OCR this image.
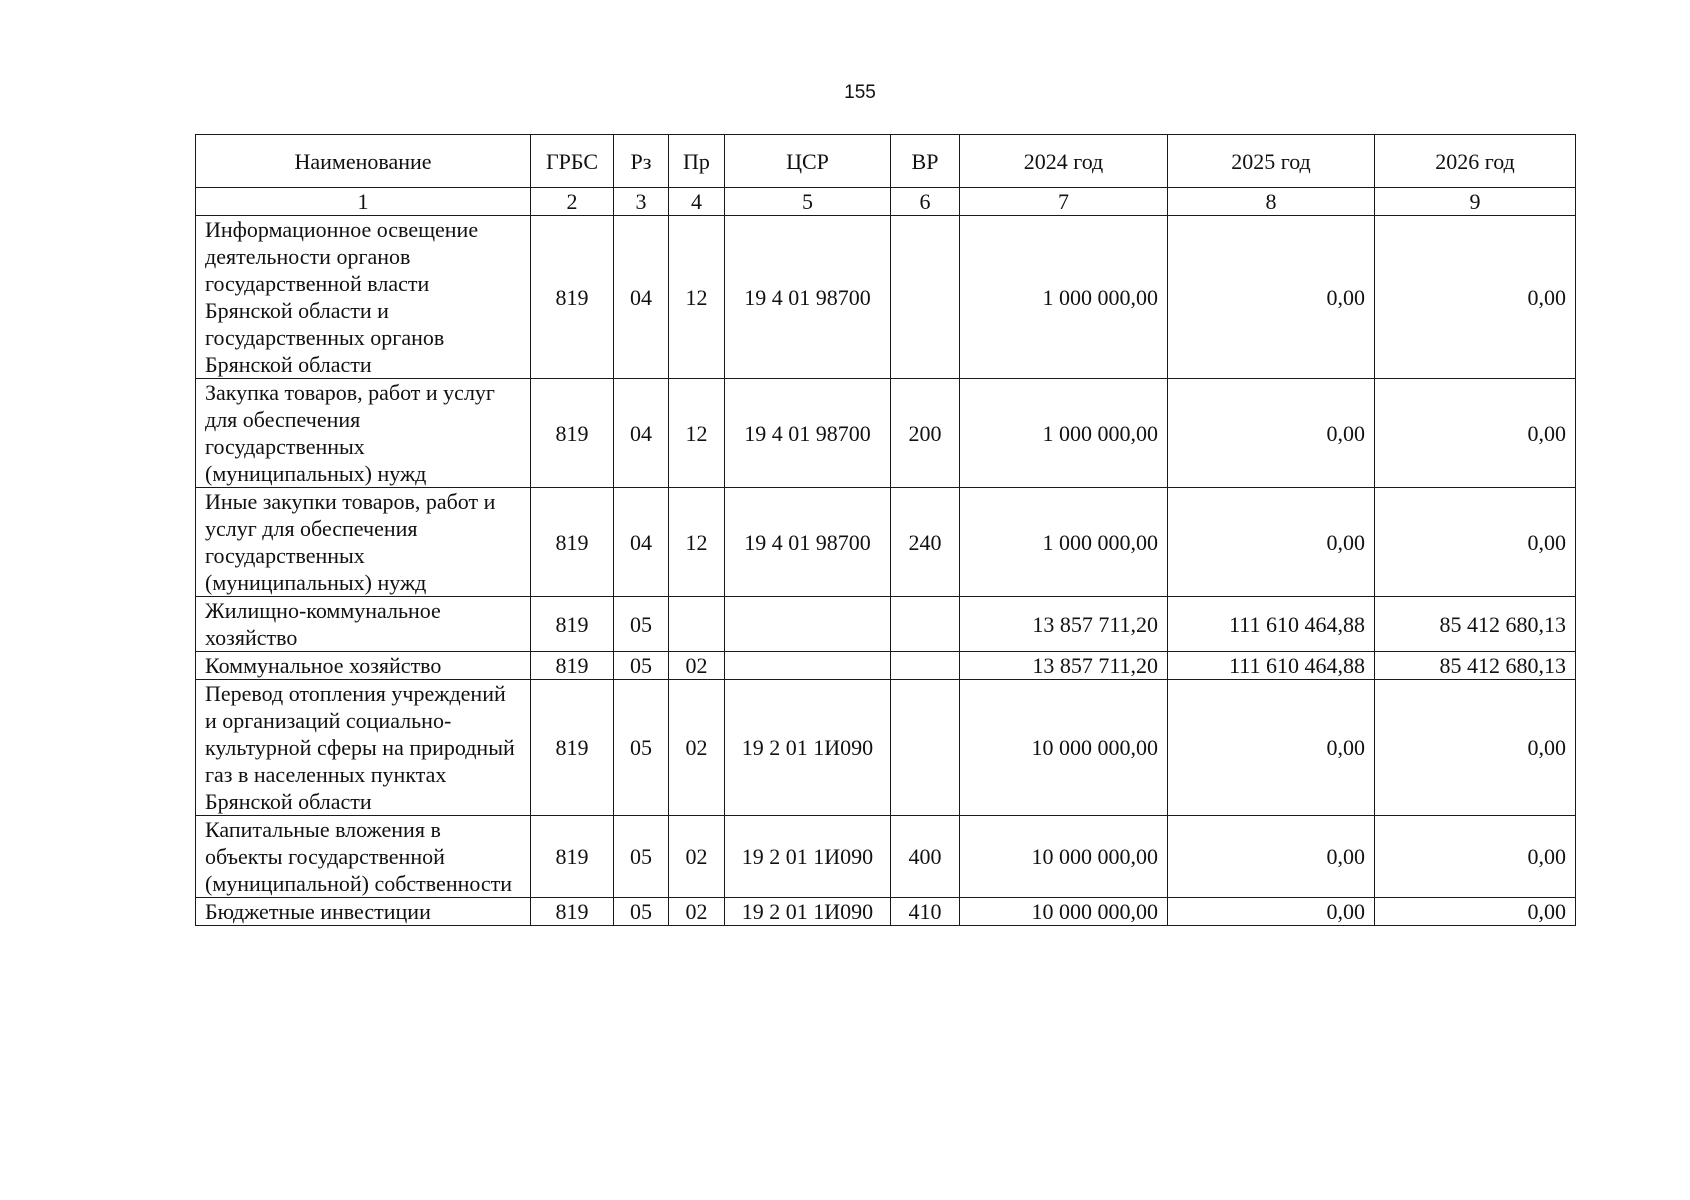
155
Наименование	ГРБС	Рз	Пр	ЦСР	ВР	2024 год	2025 год	2026 год
1	2	3	4	5	6	7	8	9
Информационное освещение деятельности органов государственной власти Брянской области и государственных органов Брянской области	819	04	12	19 4 01 98700		1 000 000,00	0,00	0,00
Закупка товаров, работ и услуг для обеспечения государственных (муниципальных) нужд	819	04	12	19 4 01 98700	200	1 000 000,00	0,00	0,00
Иные закупки товаров, работ и услуг для обеспечения государственных (муниципальных) нужд	819	04	12	19 4 01 98700	240	1 000 000,00	0,00	0,00
Жилищно-коммунальное хозяйство	819	05				13 857 711,20	111 610 464,88	85 412 680,13
Коммунальное хозяйство	819	05	02			13 857 711,20	111 610 464,88	85 412 680,13
Перевод отопления учреждений и организаций социально-культурной сферы на природный газ в населенных пунктах Брянской области	819	05	02	19 2 01 1И090		10 000 000,00	0,00	0,00
Капитальные вложения в объекты государственной (муниципальной) собственности	819	05	02	19 2 01 1И090	400	10 000 000,00	0,00	0,00
Бюджетные инвестиции	819	05	02	19 2 01 1И090	410	10 000 000,00	0,00	0,00
